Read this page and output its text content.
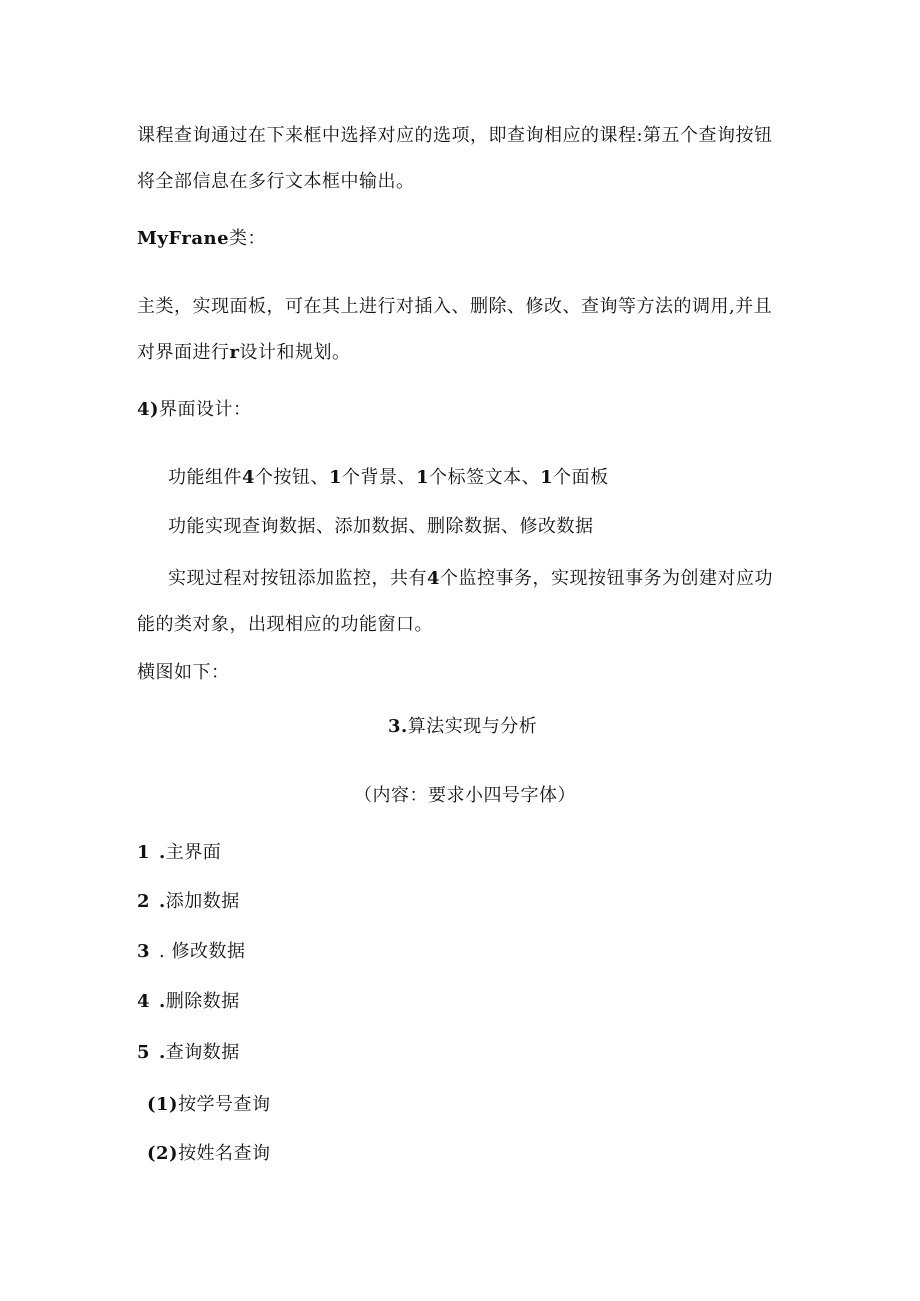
课程查询通过在下来框中选择对应的选项，即查询相应的课程:第五个查询按钮
将全部信息在多行文本框中输出。
MyFrane类：
主类，实现面板，可在其上进行对插入、删除、修改、查询等方法的调用,并且
对界面进行r设计和规划。
4)界面设计：
功能组件4个按钮、1个背景、1个标签文本、1个面板
功能实现查询数据、添加数据、删除数据、修改数据
实现过程对按钮添加监控，共有4个监控事务，实现按钮事务为创建对应功
能的类对象，出现相应的功能窗口。
横图如下：
3.算法实现与分析
（内容：要求小四号字体）
1 .主界面
2 .添加数据
3 . 修改数据
4 .删除数据
5 .查询数据
(1)按学号查询
(2)按姓名查询
